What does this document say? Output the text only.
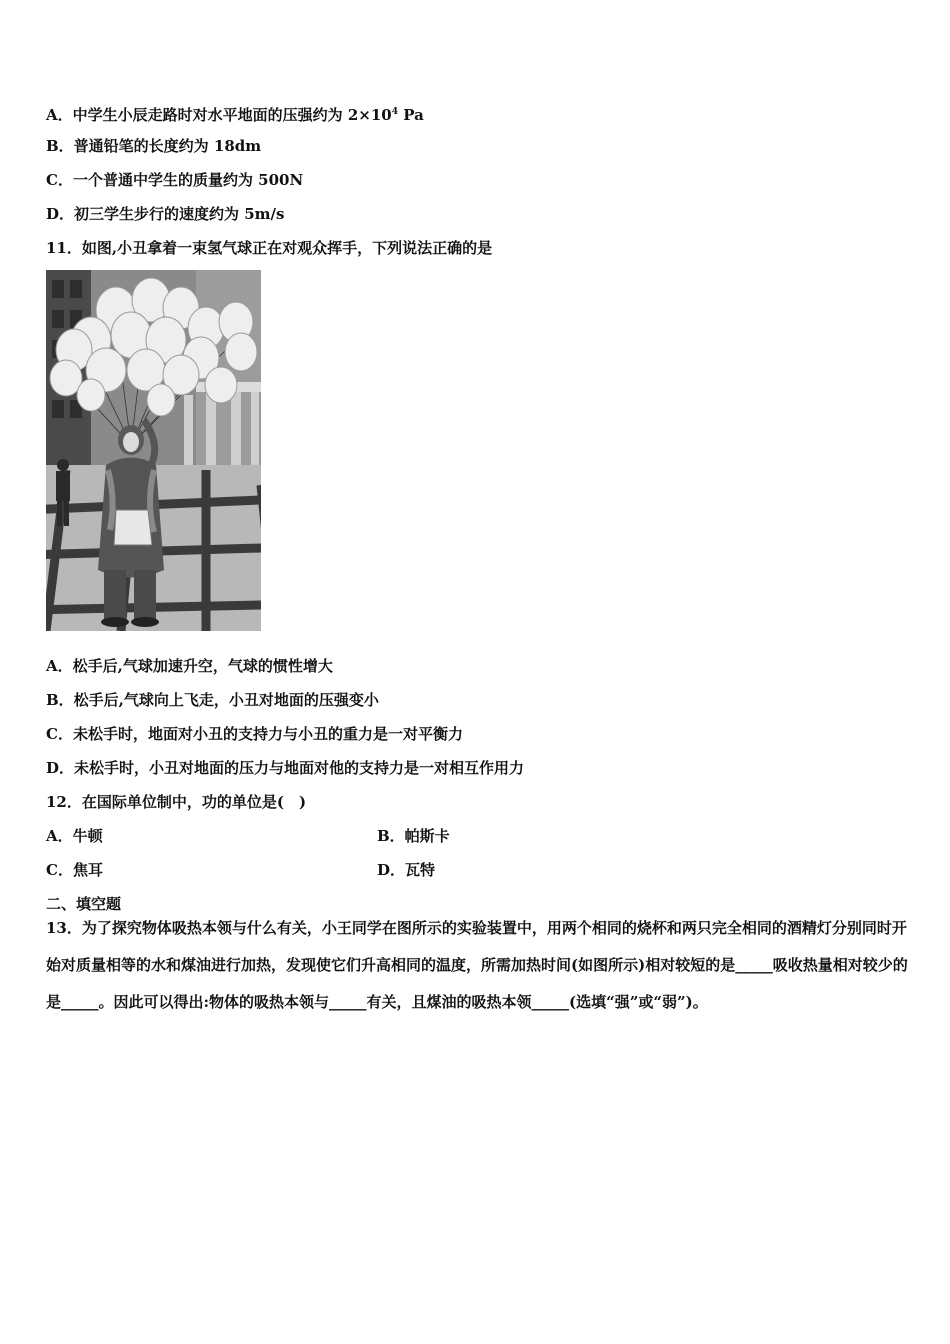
A．中学生小辰走路时对水平地面的压强约为 $2\times 10^4$ Pa
B．普通铅笔的长度约为 18dm
C．一个普通中学生的质量约为 500N
D．初三学生步行的速度约为 5m/s
11．如图,小丑拿着一束氢气球正在对观众挥手，下列说法正确的是
A．松手后,气球加速升空，气球的惯性增大
B．松手后,气球向上飞走，小丑对地面的压强变小
C．未松手时，地面对小丑的支持力与小丑的重力是一对平衡力
D．未松手时，小丑对地面的压力与地面对他的支持力是一对相互作用力
12．在国际单位制中，功的单位是(　)
A．牛顿	B．帕斯卡
C．焦耳	D．瓦特
二、填空题
13．为了探究物体吸热本领与什么有关，小王同学在图所示的实验装置中，用两个相同的烧杯和两只完全相同的酒精灯分别同时开始对质量相等的水和煤油进行加热，发现使它们升高相同的温度，所需加热时间(如图所示)相对较短的是_____吸收热量相对较少的是_____。因此可以得出:物体的吸热本领与_____有关，且煤油的吸热本领_____(选填“强”或“弱”)。
